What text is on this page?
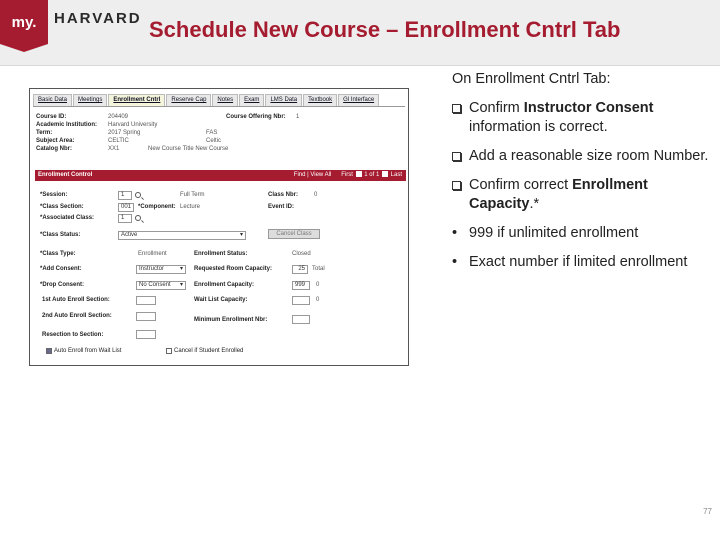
my.	HARVARD Schedule New Course – Enrollment Cntrl Tab
Basic Data	Meetings	Enrollment Cntrl	Reserve Cap	Notes	Exam	LMS Data	Textbook	Gl Interface
Course ID:	204409	Course Offering Nbr: 1
Academic Institution:	Harvard University
Term:	2017 Spring	FAS
Subject Area:	CELTIC	Celtic
Catalog Nbr:	XX1	New Course Title New Course
Enrollment Control	Find | View All First 1 of 1 Last
*Session:	1	Full Term	Class Nbr:	0
*Class Section:	001	*Component: Lecture	Event ID:
*Associated Class:	1
*Class Status:	Active ▾	Cancel Class
*Class Type:	Enrollment	Enrollment Status:	Closed
*Add Consent:	Instructor ▾	Requested Room Capacity:	25	Total
*Drop Consent:	No Consent ▾	Enrollment Capacity:	999	0
1st Auto Enroll Section:	Wait List Capacity:	0
2nd Auto Enroll Section:
Minimum Enrollment Nbr:
Resection to Section:
Auto Enroll from Wait List	Cancel if Student Enrolled
On Enrollment Cntrl Tab:
Confirm Instructor Consent information is correct.
Add a reasonable size room Number.
Confirm correct Enrollment Capacity.*
• 999 if unlimited enrollment
• Exact number if limited enrollment
77
